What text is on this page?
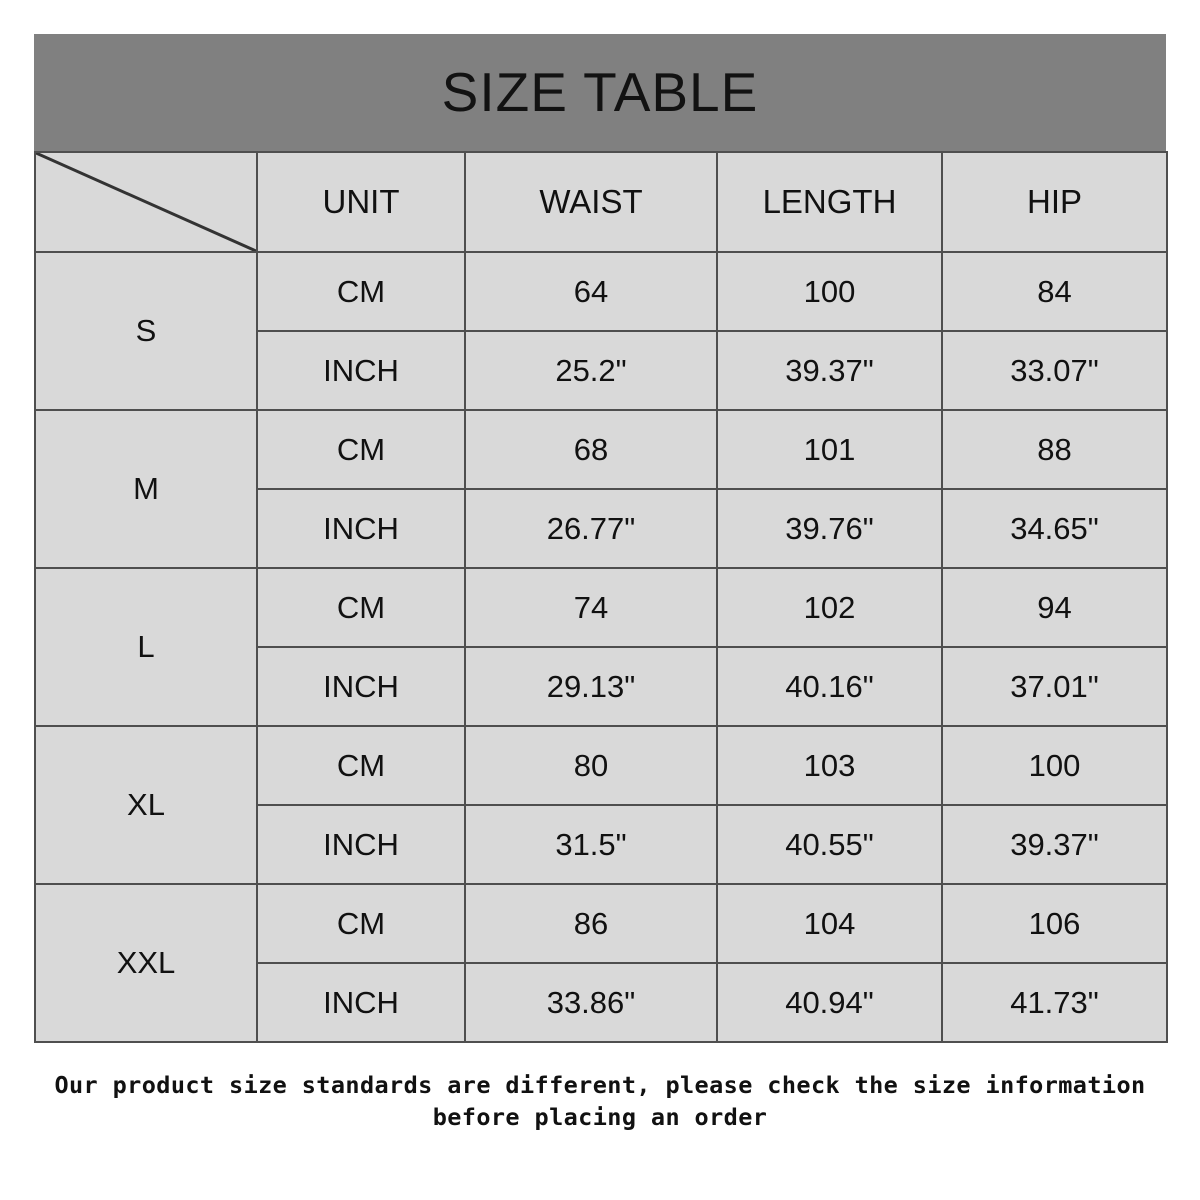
SIZE TABLE
	UNIT	WAIST	LENGTH	HIP
S	CM	64	100	84
	INCH	25.2"	39.37"	33.07"
M	CM	68	101	88
	INCH	26.77"	39.76"	34.65"
L	CM	74	102	94
	INCH	29.13"	40.16"	37.01"
XL	CM	80	103	100
	INCH	31.5"	40.55"	39.37"
XXL	CM	86	104	106
	INCH	33.86"	40.94"	41.73"
Our product size standards are different, please check the size information
before placing an order
